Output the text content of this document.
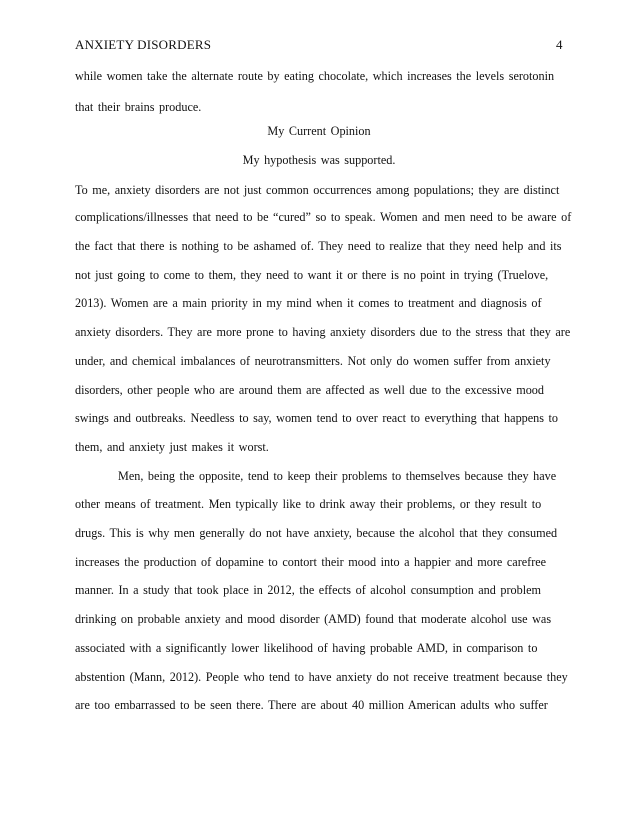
ANXIETY DISORDERS	4
while women take the alternate route by eating chocolate, which increases the levels serotonin
that their brains produce.
My Current Opinion
My hypothesis was supported.
To me, anxiety disorders are not just common occurrences among populations; they are distinct
complications/illnesses that need to be “cured” so to speak. Women and men need to be aware of
the fact that there is nothing to be ashamed of. They need to realize that they need help and its
not just going to come to them, they need to want it or there is no point in trying (Truelove,
2013). Women are a main priority in my mind when it comes to treatment and diagnosis of
anxiety disorders. They are more prone to having anxiety disorders due to the stress that they are
under, and chemical imbalances of neurotransmitters. Not only do women suffer from anxiety
disorders, other people who are around them are affected as well due to the excessive mood
swings and outbreaks. Needless to say, women tend to over react to everything that happens to
them, and anxiety just makes it worst.
Men, being the opposite, tend to keep their problems to themselves because they have
other means of treatment. Men typically like to drink away their problems, or they result to
drugs. This is why men generally do not have anxiety, because the alcohol that they consumed
increases the production of dopamine to contort their mood into a happier and more carefree
manner. In a study that took place in 2012, the effects of alcohol consumption and problem
drinking on probable anxiety and mood disorder (AMD) found that moderate alcohol use was
associated with a significantly lower likelihood of having probable AMD, in comparison to
abstention (Mann, 2012). People who tend to have anxiety do not receive treatment because they
are too embarrassed to be seen there. There are about 40 million American adults who suffer
